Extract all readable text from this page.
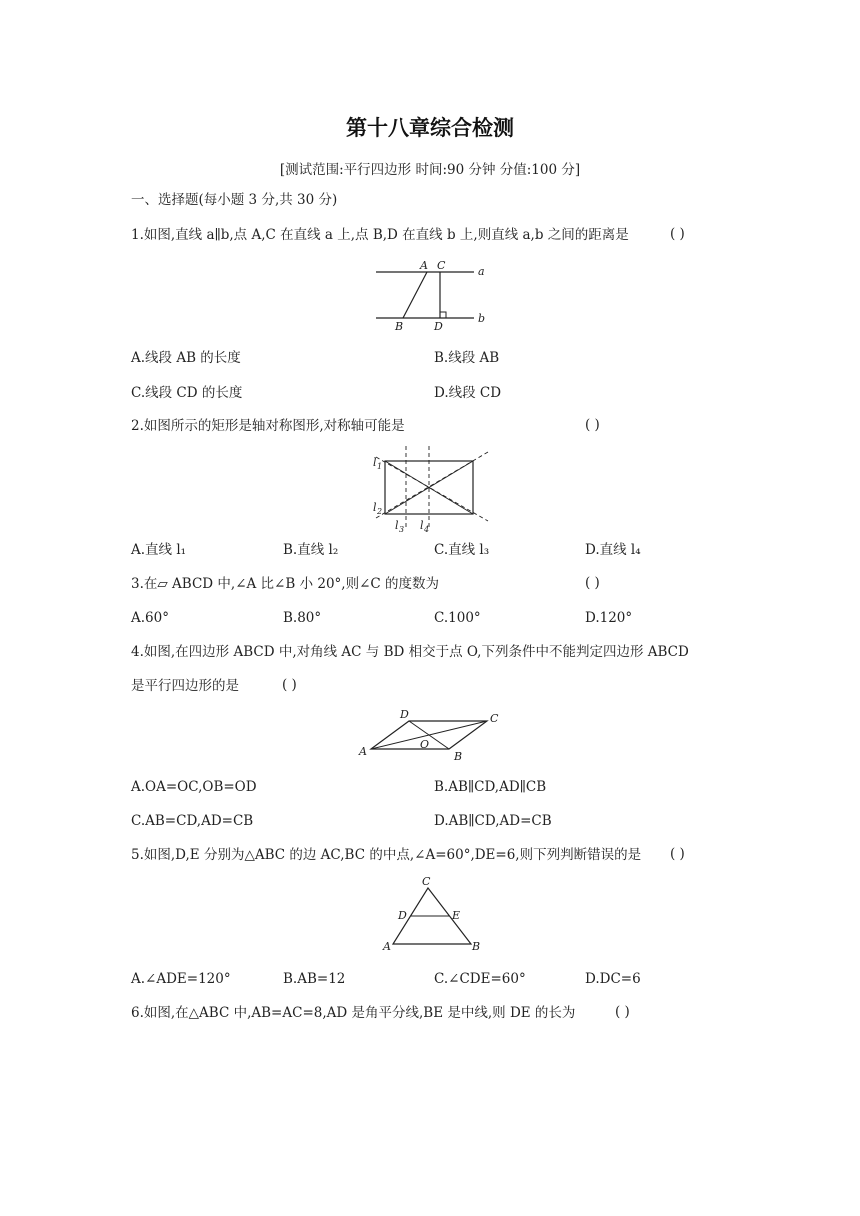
第十八章综合检测
[测试范围:平行四边形 时间:90 分钟 分值:100 分]
一、选择题(每小题 3 分,共 30 分)
1.如图,直线 a∥b,点 A,C 在直线 a 上,点 B,D 在直线 b 上,则直线 a,b 之间的距离是	( )
A C	a
B	D
b
A.线段 AB 的长度	B.线段 AB
C.线段 CD 的长度	D.线段 CD
2.如图所示的矩形是轴对称图形,对称轴可能是	( )
l 1
l 2
l 3 l 4
A.直线 l₁	B.直线 l₂	C.直线 l₃	D.直线 l₄
3.在▱ ABCD 中,∠A 比∠B 小 20°,则∠C 的度数为	( )
A.60°	B.80°	C.100°	D.120°
4.如图,在四边形 ABCD 中,对角线 AC 与 BD 相交于点 O,下列条件中不能判定四边形 ABCD
是平行四边形的是	( )
D	C
O
A	B
A.OA=OC,OB=OD	B.AB∥CD,AD∥CB
C.AB=CD,AD=CB	D.AB∥CD,AD=CB
5.如图,D,E 分别为△ABC 的边 AC,BC 的中点,∠A=60°,DE=6,则下列判断错误的是 ( )
C
D	E
A	B
A.∠ADE=120°	B.AB=12	C.∠CDE=60°	D.DC=6
6.如图,在△ABC 中,AB=AC=8,AD 是角平分线,BE 是中线,则 DE 的长为	( )
